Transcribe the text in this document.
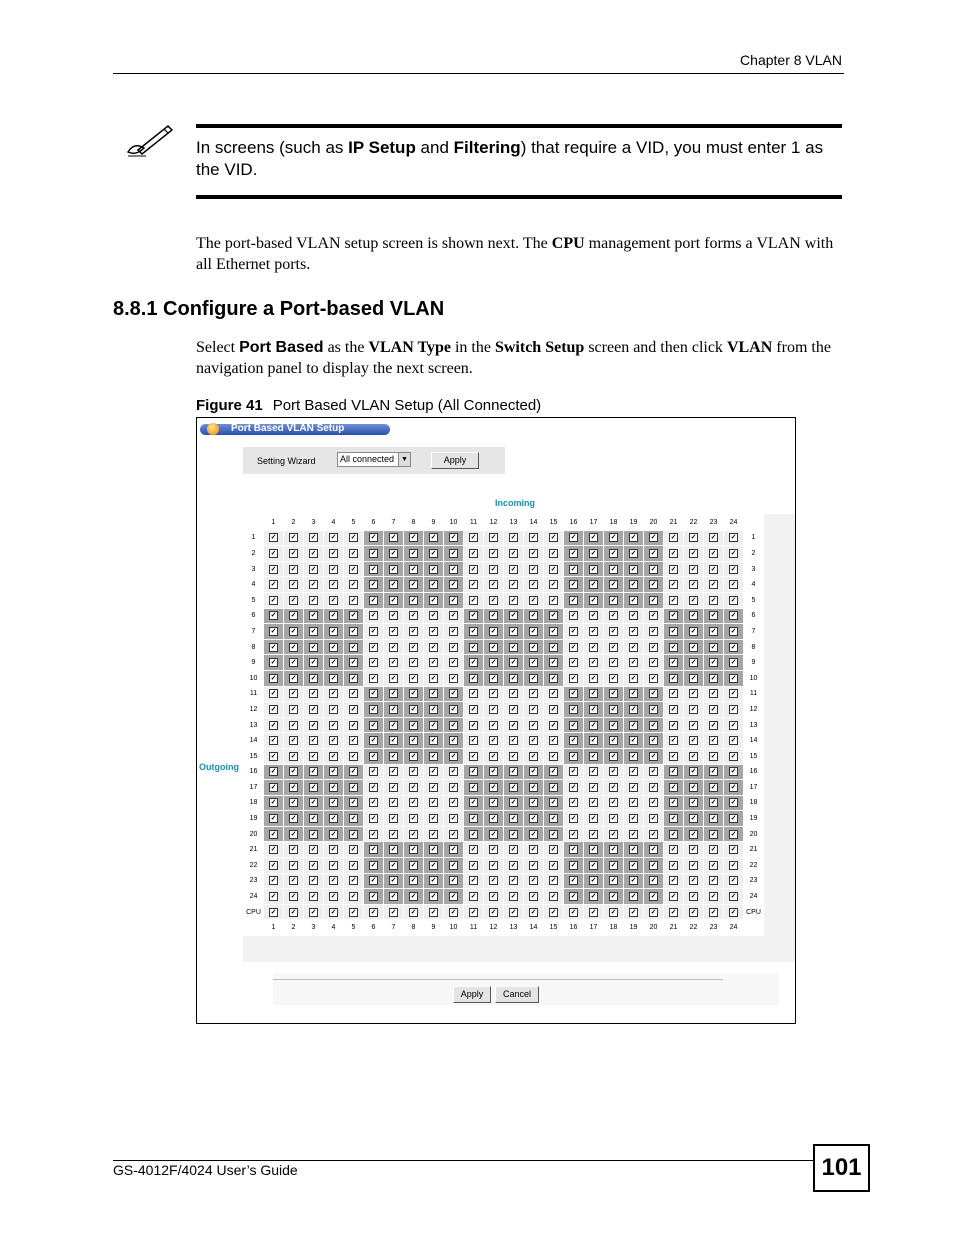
Chapter 8 VLAN
In screens (such as IP Setup and Filtering) that require a VID, you must enter 1 as the VID.
The port-based VLAN setup screen is shown next. The CPU management port forms a VLAN with all Ethernet ports.
8.8.1 Configure a Port-based VLAN
Select Port Based as the VLAN Type in the Switch Setup screen and then click VLAN from the navigation panel to display the next screen.
Figure 41 Port Based VLAN Setup (All Connected)
Port Based VLAN Setup
Setting Wizard	All connected ▼	Apply
Incoming
Outgoing
	1	2	3	4	5	6	7	8	9	10	11	12	13	14	15	16	17	18	19	20	21	22	23	24	
1	✓	✓	✓	✓	✓	✓	✓	✓	✓	✓	✓	✓	✓	✓	✓	✓	✓	✓	✓	✓	✓	✓	✓	✓	1
2	✓	✓	✓	✓	✓	✓	✓	✓	✓	✓	✓	✓	✓	✓	✓	✓	✓	✓	✓	✓	✓	✓	✓	✓	2
3	✓	✓	✓	✓	✓	✓	✓	✓	✓	✓	✓	✓	✓	✓	✓	✓	✓	✓	✓	✓	✓	✓	✓	✓	3
4	✓	✓	✓	✓	✓	✓	✓	✓	✓	✓	✓	✓	✓	✓	✓	✓	✓	✓	✓	✓	✓	✓	✓	✓	4
5	✓	✓	✓	✓	✓	✓	✓	✓	✓	✓	✓	✓	✓	✓	✓	✓	✓	✓	✓	✓	✓	✓	✓	✓	5
6	✓	✓	✓	✓	✓	✓	✓	✓	✓	✓	✓	✓	✓	✓	✓	✓	✓	✓	✓	✓	✓	✓	✓	✓	6
7	✓	✓	✓	✓	✓	✓	✓	✓	✓	✓	✓	✓	✓	✓	✓	✓	✓	✓	✓	✓	✓	✓	✓	✓	7
8	✓	✓	✓	✓	✓	✓	✓	✓	✓	✓	✓	✓	✓	✓	✓	✓	✓	✓	✓	✓	✓	✓	✓	✓	8
9	✓	✓	✓	✓	✓	✓	✓	✓	✓	✓	✓	✓	✓	✓	✓	✓	✓	✓	✓	✓	✓	✓	✓	✓	9
10	✓	✓	✓	✓	✓	✓	✓	✓	✓	✓	✓	✓	✓	✓	✓	✓	✓	✓	✓	✓	✓	✓	✓	✓	10
11	✓	✓	✓	✓	✓	✓	✓	✓	✓	✓	✓	✓	✓	✓	✓	✓	✓	✓	✓	✓	✓	✓	✓	✓	11
12	✓	✓	✓	✓	✓	✓	✓	✓	✓	✓	✓	✓	✓	✓	✓	✓	✓	✓	✓	✓	✓	✓	✓	✓	12
13	✓	✓	✓	✓	✓	✓	✓	✓	✓	✓	✓	✓	✓	✓	✓	✓	✓	✓	✓	✓	✓	✓	✓	✓	13
14	✓	✓	✓	✓	✓	✓	✓	✓	✓	✓	✓	✓	✓	✓	✓	✓	✓	✓	✓	✓	✓	✓	✓	✓	14
15	✓	✓	✓	✓	✓	✓	✓	✓	✓	✓	✓	✓	✓	✓	✓	✓	✓	✓	✓	✓	✓	✓	✓	✓	15
16	✓	✓	✓	✓	✓	✓	✓	✓	✓	✓	✓	✓	✓	✓	✓	✓	✓	✓	✓	✓	✓	✓	✓	✓	16
17	✓	✓	✓	✓	✓	✓	✓	✓	✓	✓	✓	✓	✓	✓	✓	✓	✓	✓	✓	✓	✓	✓	✓	✓	17
18	✓	✓	✓	✓	✓	✓	✓	✓	✓	✓	✓	✓	✓	✓	✓	✓	✓	✓	✓	✓	✓	✓	✓	✓	18
19	✓	✓	✓	✓	✓	✓	✓	✓	✓	✓	✓	✓	✓	✓	✓	✓	✓	✓	✓	✓	✓	✓	✓	✓	19
20	✓	✓	✓	✓	✓	✓	✓	✓	✓	✓	✓	✓	✓	✓	✓	✓	✓	✓	✓	✓	✓	✓	✓	✓	20
21	✓	✓	✓	✓	✓	✓	✓	✓	✓	✓	✓	✓	✓	✓	✓	✓	✓	✓	✓	✓	✓	✓	✓	✓	21
22	✓	✓	✓	✓	✓	✓	✓	✓	✓	✓	✓	✓	✓	✓	✓	✓	✓	✓	✓	✓	✓	✓	✓	✓	22
23	✓	✓	✓	✓	✓	✓	✓	✓	✓	✓	✓	✓	✓	✓	✓	✓	✓	✓	✓	✓	✓	✓	✓	✓	23
24	✓	✓	✓	✓	✓	✓	✓	✓	✓	✓	✓	✓	✓	✓	✓	✓	✓	✓	✓	✓	✓	✓	✓	✓	24
CPU	✓	✓	✓	✓	✓	✓	✓	✓	✓	✓	✓	✓	✓	✓	✓	✓	✓	✓	✓	✓	✓	✓	✓	✓	CPU
	1	2	3	4	5	6	7	8	9	10	11	12	13	14	15	16	17	18	19	20	21	22	23	24	
Apply	Cancel
GS-4012F/4024 User’s Guide	101
